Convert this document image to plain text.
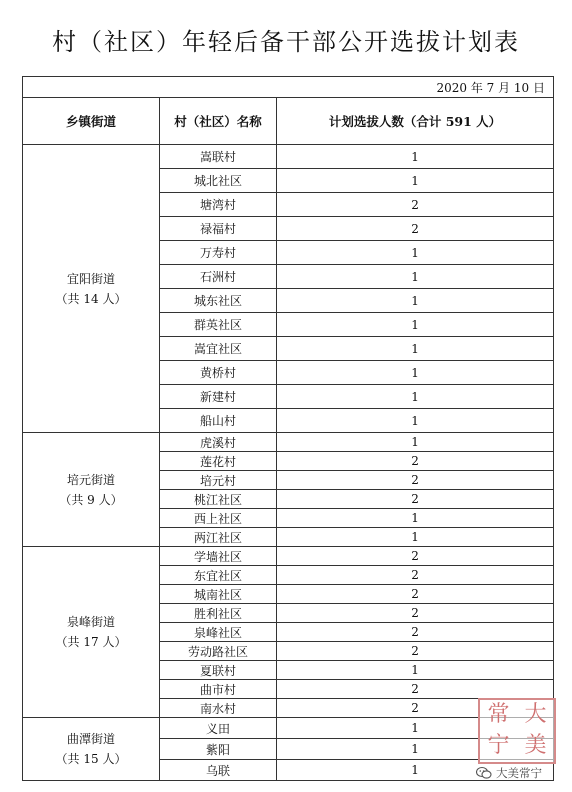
村（社区）年轻后备干部公开选拔计划表
2020 年 7 月 10 日		
乡镇街道	村（社区）名称	计划选拔人数（合计 591 人）

宜阳街道
（共 14 人）	嵩联村	1
	城北社区	1
	塘湾村	2
	禄福村	2
	万寿村	1
	石洲村	1
	城东社区	1
	群英社区	1
	嵩宜社区	1
	黄桥村	1
	新建村	1
	船山村	1

培元街道
（共 9 人）	虎溪村	1
	莲花村	2
	培元村	2
	桃江社区	2
	西上社区	1
	两江社区	1

泉峰街道
（共 17 人）	学墙社区	2
	东宜社区	2
	城南社区	2
	胜利社区	2
	泉峰社区	2
	劳动路社区	2
	夏联村	1
	曲市村	2
	南水村	2

曲潭街道
（共 15 人）	义田	1
	紫阳	1
	乌联	1
常 大
宁 美
大美常宁
